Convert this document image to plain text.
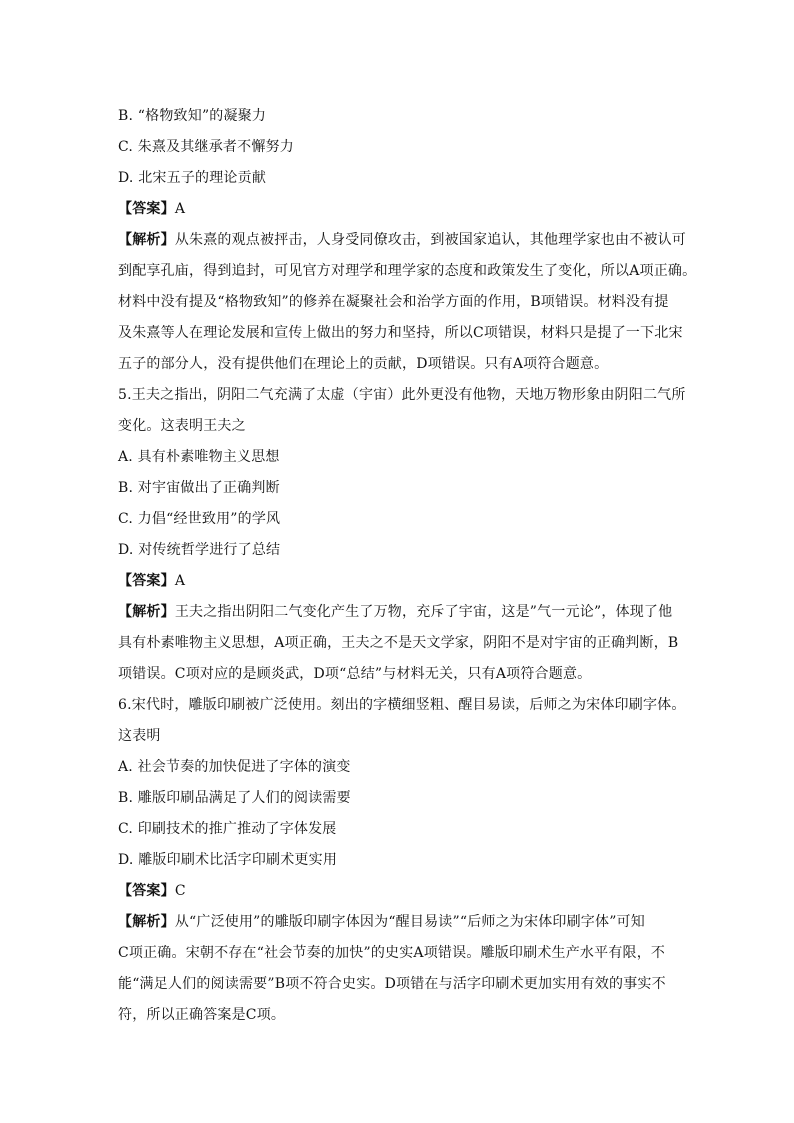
B. “格物致知”的凝聚力
C. 朱熹及其继承者不懈努力
D. 北宋五子的理论贡献
【答案】A
【解析】从朱熹的观点被抨击，人身受同僚攻击，到被国家追认，其他理学家也由不被认可
到配享孔庙，得到追封，可见官方对理学和理学家的态度和政策发生了变化，所以A项正确。
材料中没有提及“格物致知”的修养在凝聚社会和治学方面的作用，B项错误。材料没有提
及朱熹等人在理论发展和宣传上做出的努力和坚持，所以C项错误，材料只是提了一下北宋
五子的部分人，没有提供他们在理论上的贡献，D项错误。只有A项符合题意。
5.王夫之指出，阴阳二气充满了太虚（宇宙）此外更没有他物，天地万物形象由阴阳二气所
变化。这表明王夫之
A. 具有朴素唯物主义思想
B. 对宇宙做出了正确判断
C. 力倡“经世致用”的学风
D. 对传统哲学进行了总结
【答案】A
【解析】王夫之指出阴阳二气变化产生了万物，充斥了宇宙，这是”气一元论”，体现了他
具有朴素唯物主义思想，A项正确，王夫之不是天文学家，阴阳不是对宇宙的正确判断，B
项错误。C项对应的是顾炎武，D项“总结”与材料无关，只有A项符合题意。
6.宋代时，雕版印刷被广泛使用。刻出的字横细竖粗、醒目易读，后师之为宋体印刷字体。
这表明
A. 社会节奏的加快促进了字体的演变
B. 雕版印刷品满足了人们的阅读需要
C. 印刷技术的推广推动了字体发展
D. 雕版印刷术比活字印刷术更实用
【答案】C
【解析】从“广泛使用”的雕版印刷字体因为“醒目易读”“后师之为宋体印刷字体”可知
C项正确。宋朝不存在“社会节奏的加快”的史实A项错误。雕版印刷术生产水平有限，不
能“满足人们的阅读需要”B项不符合史实。D项错在与活字印刷术更加实用有效的事实不
符，所以正确答案是C项。
